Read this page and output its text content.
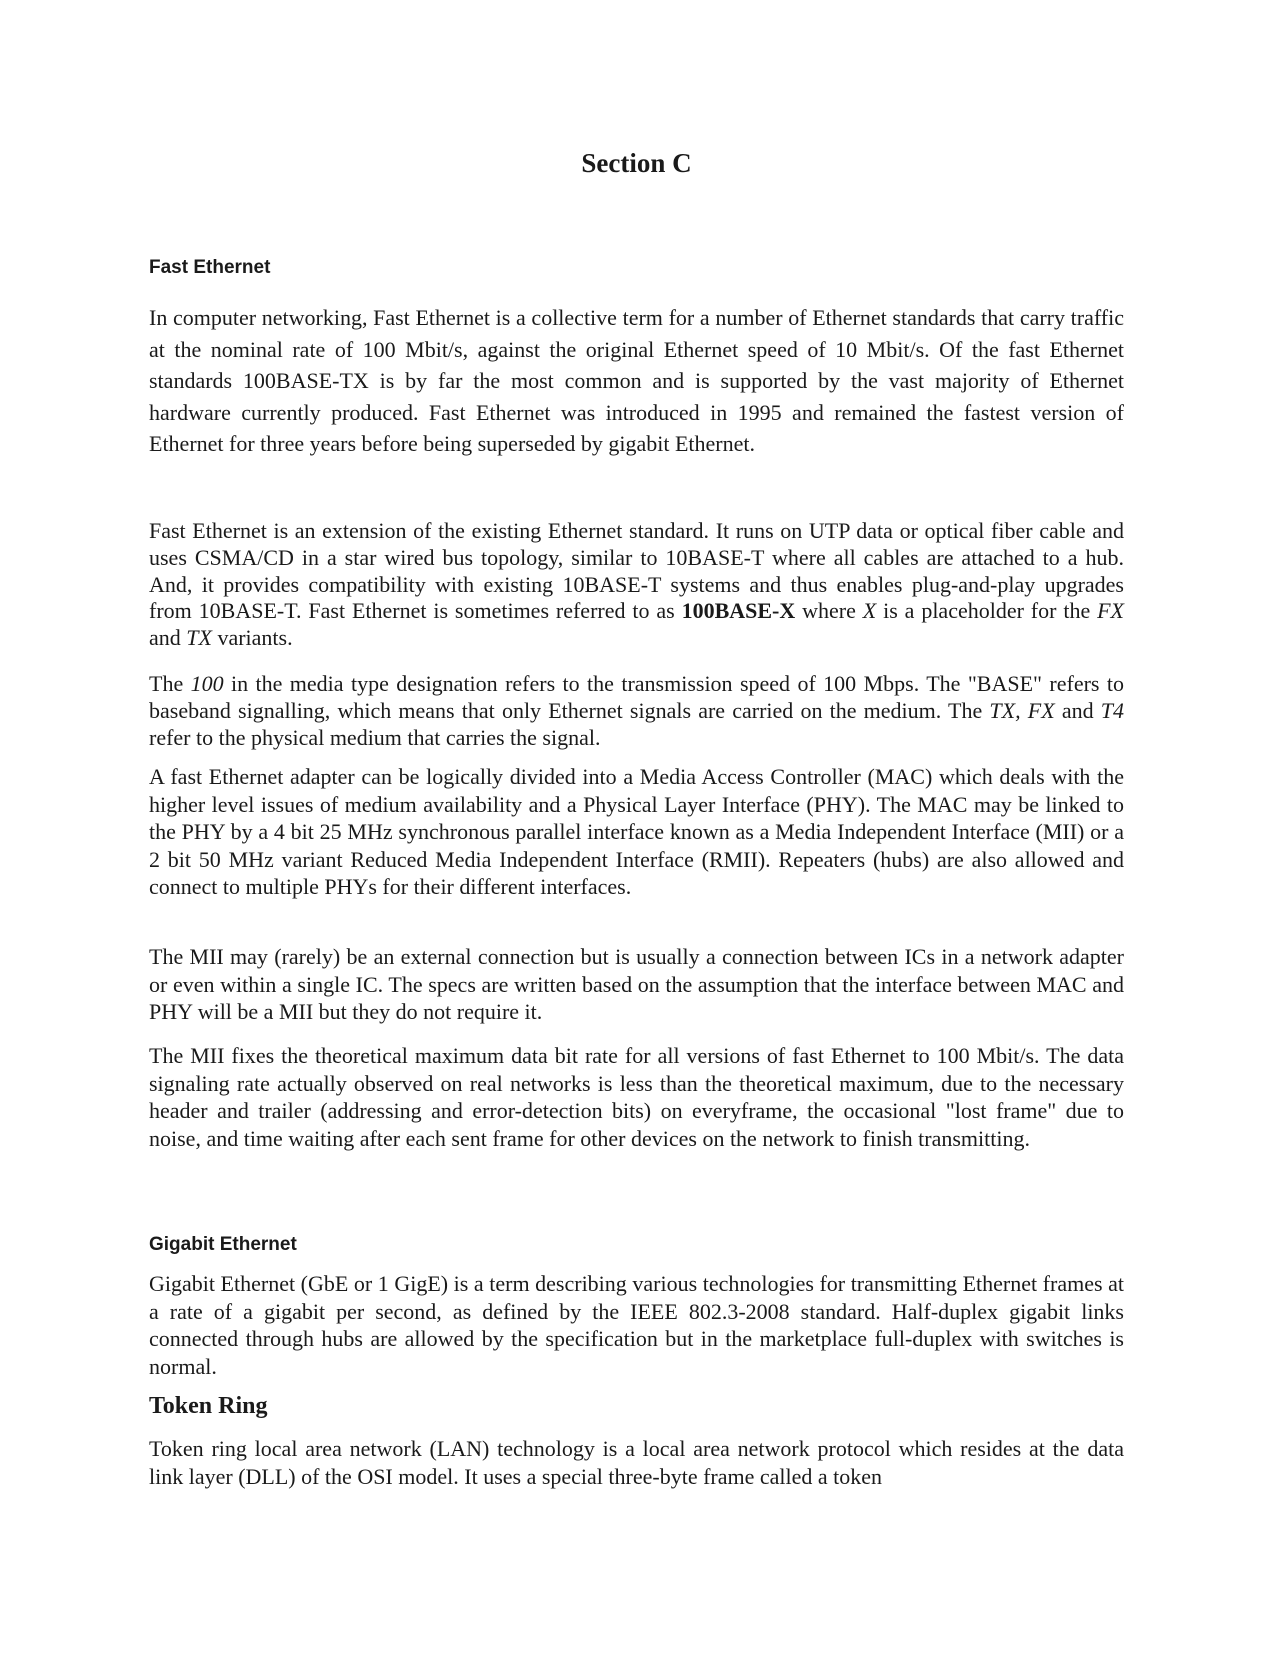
Section C
Fast Ethernet

In computer networking, Fast Ethernet is a collective term for a number of Ethernet standards that carry traffic at the nominal rate of 100 Mbit/s, against the original Ethernet speed of 10 Mbit/s. Of the fast Ethernet standards 100BASE-TX is by far the most common and is supported by the vast majority of Ethernet hardware currently produced. Fast Ethernet was introduced in 1995 and remained the fastest version of Ethernet for three years before being superseded by gigabit Ethernet.

Fast Ethernet is an extension of the existing Ethernet standard. It runs on UTP data or optical fiber cable and uses CSMA/CD in a star wired bus topology, similar to 10BASE-T where all cables are attached to a hub. And, it provides compatibility with existing 10BASE-T systems and thus enables plug-and-play upgrades from 10BASE-T. Fast Ethernet is sometimes referred to as 100BASE-X where X is a placeholder for the FX and TX variants.

The 100 in the media type designation refers to the transmission speed of 100 Mbps. The "BASE" refers to baseband signalling, which means that only Ethernet signals are carried on the medium. The TX, FX and T4 refer to the physical medium that carries the signal.

A fast Ethernet adapter can be logically divided into a Media Access Controller (MAC) which deals with the higher level issues of medium availability and a Physical Layer Interface (PHY). The MAC may be linked to the PHY by a 4 bit 25 MHz synchronous parallel interface known as a Media Independent Interface (MII) or a 2 bit 50 MHz variant Reduced Media Independent Interface (RMII). Repeaters (hubs) are also allowed and connect to multiple PHYs for their different interfaces.

The MII may (rarely) be an external connection but is usually a connection between ICs in a network adapter or even within a single IC. The specs are written based on the assumption that the interface between MAC and PHY will be a MII but they do not require it.

The MII fixes the theoretical maximum data bit rate for all versions of fast Ethernet to 100 Mbit/s. The data signaling rate actually observed on real networks is less than the theoretical maximum, due to the necessary header and trailer (addressing and error-detection bits) on everyframe, the occasional "lost frame" due to noise, and time waiting after each sent frame for other devices on the network to finish transmitting.

Gigabit Ethernet

Gigabit Ethernet (GbE or 1 GigE) is a term describing various technologies for transmitting Ethernet frames at a rate of a gigabit per second, as defined by the IEEE 802.3-2008 standard. Half-duplex gigabit links connected through hubs are allowed by the specification but in the marketplace full-duplex with switches is normal.

Token Ring

Token ring local area network (LAN) technology is a local area network protocol which resides at the data link layer (DLL) of the OSI model. It uses a special three-byte frame called a token
